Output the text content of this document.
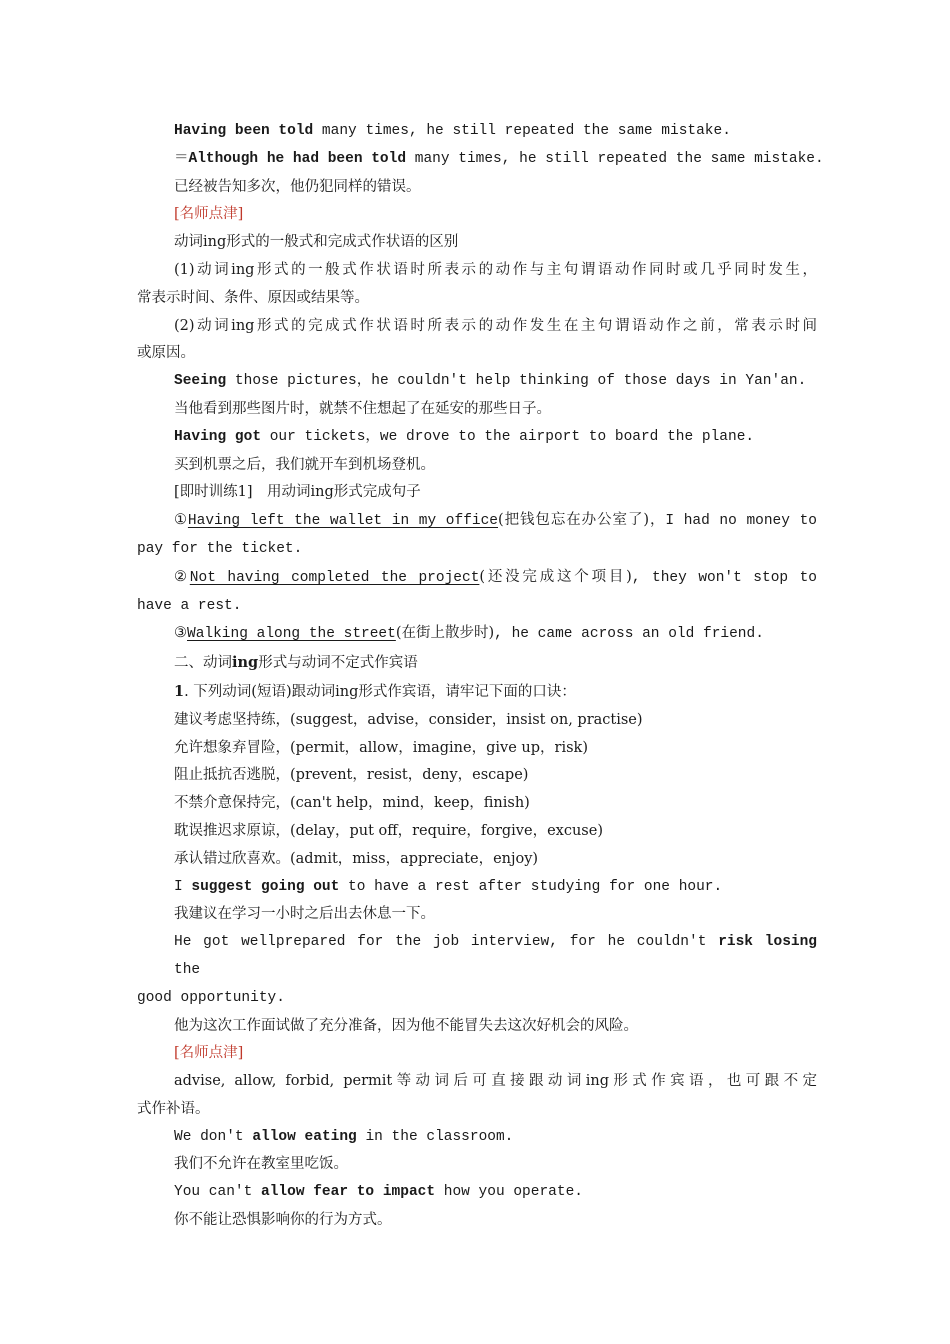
Having been told many times, he still repeated the same mistake.

＝Although he had been told many times, he still repeated the same mistake.

已经被告知多次，他仍犯同样的错误。

[名师点津]

动词ing形式的一般式和完成式作状语的区别

(1)动词ing形式的一般式作状语时所表示的动作与主句谓语动作同时或几乎同时发生，

常表示时间、条件、原因或结果等。

(2)动词ing形式的完成式作状语时所表示的动作发生在主句谓语动作之前，常表示时间

或原因。

Seeing those pictures，he couldn't help thinking of those days in Yan'an.

当他看到那些图片时，就禁不住想起了在延安的那些日子。

Having got our tickets，we drove to the airport to board the plane.

买到机票之后，我们就开车到机场登机。

[即时训练1]　用动词ing形式完成句子

①Having left the wallet in my office(把钱包忘在办公室了)，I had no money to

pay for the ticket.

②Not having completed the project(还没完成这个项目), they won't stop to

have a rest.

③Walking along the street(在街上散步时), he came across an old friend.

二、动词ing形式与动词不定式作宾语

1. 下列动词(短语)跟动词ing形式作宾语，请牢记下面的口诀：

建议考虑坚持练，(suggest，advise，consider，insist on, practise)

允许想象弃冒险，(permit，allow，imagine，give up，risk)

阻止抵抗否逃脱，(prevent，resist，deny，escape)

不禁介意保持完，(can't help，mind，keep，finish)

耽误推迟求原谅，(delay，put off，require，forgive，excuse)

承认错过欣喜欢。(admit，miss，appreciate，enjoy)

I suggest going out to have a rest after studying for one hour.

我建议在学习一小时之后出去休息一下。

He got wellprepared for the job interview, for he couldn't risk losing the

good opportunity.

他为这次工作面试做了充分准备，因为他不能冒失去这次好机会的风险。

[名师点津]

advise, allow, forbid, permit等动词后可直接跟动词ing形式作宾语，也可跟不定

式作补语。

We don't allow eating in the classroom.

我们不允许在教室里吃饭。

You can't allow fear to impact how you operate.

你不能让恐惧影响你的行为方式。
